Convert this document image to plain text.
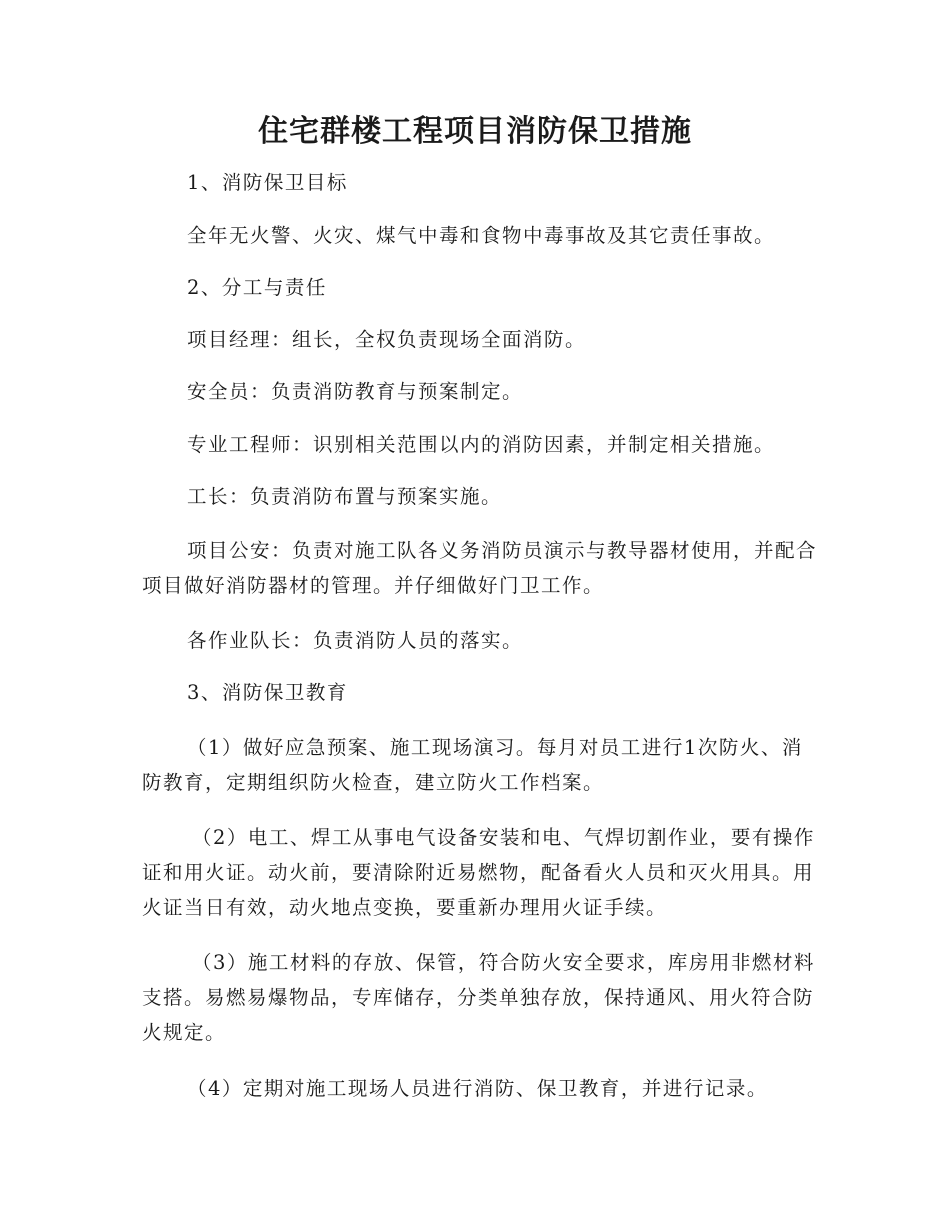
住宅群楼工程项目消防保卫措施
1、消防保卫目标
全年无火警、火灾、煤气中毒和食物中毒事故及其它责任事故。
2、分工与责任
项目经理：组长，全权负责现场全面消防。
安全员：负责消防教育与预案制定。
专业工程师：识别相关范围以内的消防因素，并制定相关措施。
工长：负责消防布置与预案实施。
项目公安：负责对施工队各义务消防员演示与教导器材使用，并配合项目做好消防器材的管理。并仔细做好门卫工作。
各作业队长：负责消防人员的落实。
3、消防保卫教育
（1）做好应急预案、施工现场演习。每月对员工进行1次防火、消防教育，定期组织防火检查，建立防火工作档案。
（2）电工、焊工从事电气设备安装和电、气焊切割作业，要有操作证和用火证。动火前，要清除附近易燃物，配备看火人员和灭火用具。用火证当日有效，动火地点变换，要重新办理用火证手续。
（3）施工材料的存放、保管，符合防火安全要求，库房用非燃材料支搭。易燃易爆物品，专库储存，分类单独存放，保持通风、用火符合防火规定。
（4）定期对施工现场人员进行消防、保卫教育，并进行记录。
